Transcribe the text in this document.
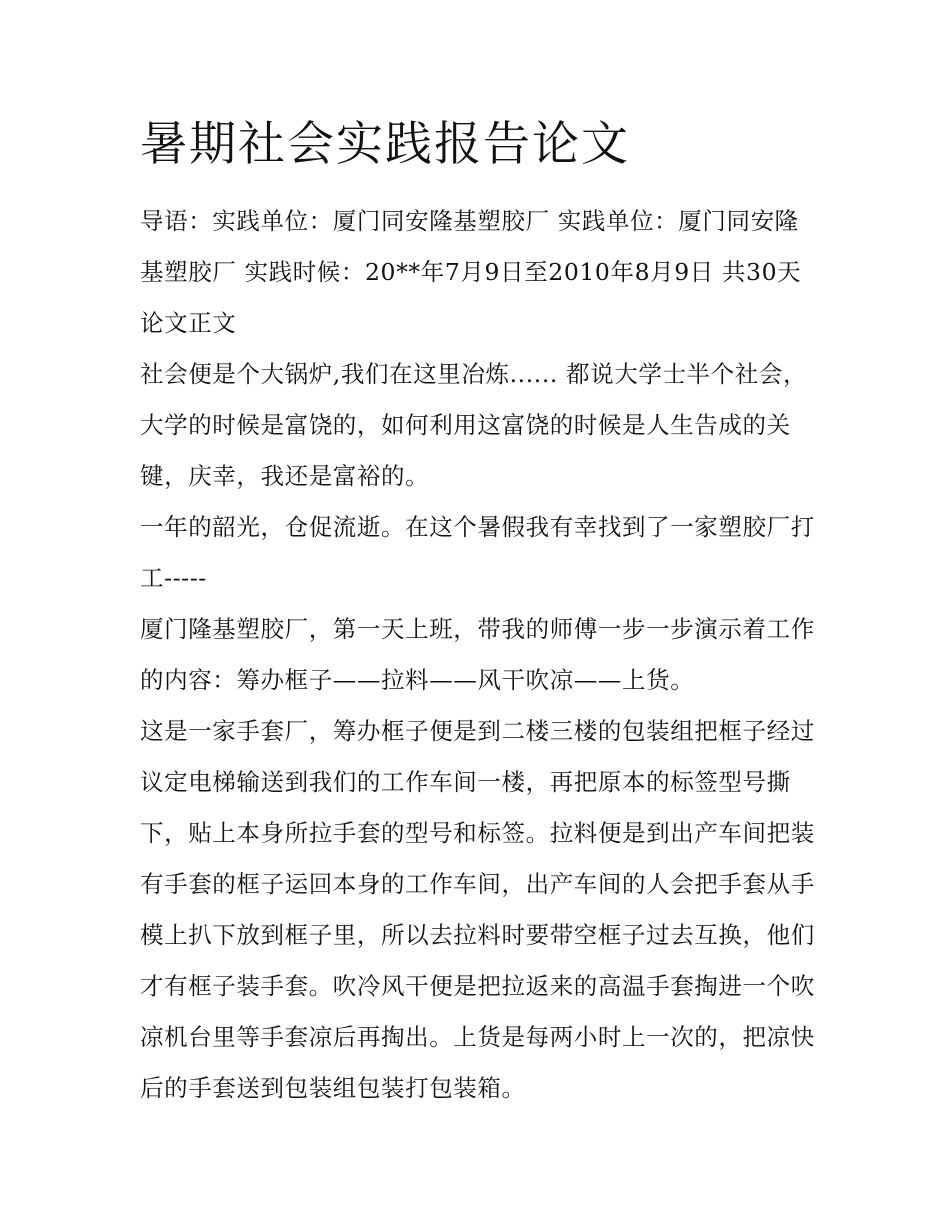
暑期社会实践报告论文

导语：实践单位：厦门同安隆基塑胶厂 实践单位：厦门同安隆基塑胶厂 实践时候：20**年7月9日至2010年8月9日 共30天 论文正文

社会便是个大锅炉,我们在这里冶炼...... 都说大学士半个社会，大学的时候是富饶的，如何利用这富饶的时候是人生告成的关键，庆幸，我还是富裕的。

一年的韶光，仓促流逝。在这个暑假我有幸找到了一家塑胶厂打工-----

厦门隆基塑胶厂，第一天上班，带我的师傅一步一步演示着工作的内容：筹办框子——拉料——风干吹凉——上货。

这是一家手套厂，筹办框子便是到二楼三楼的包装组把框子经过议定电梯输送到我们的工作车间一楼，再把原本的标签型号撕下，贴上本身所拉手套的型号和标签。拉料便是到出产车间把装有手套的框子运回本身的工作车间，出产车间的人会把手套从手模上扒下放到框子里，所以去拉料时要带空框子过去互换，他们才有框子装手套。吹冷风干便是把拉返来的高温手套掏进一个吹凉机台里等手套凉后再掏出。上货是每两小时上一次的，把凉快后的手套送到包装组包装打包装箱。
